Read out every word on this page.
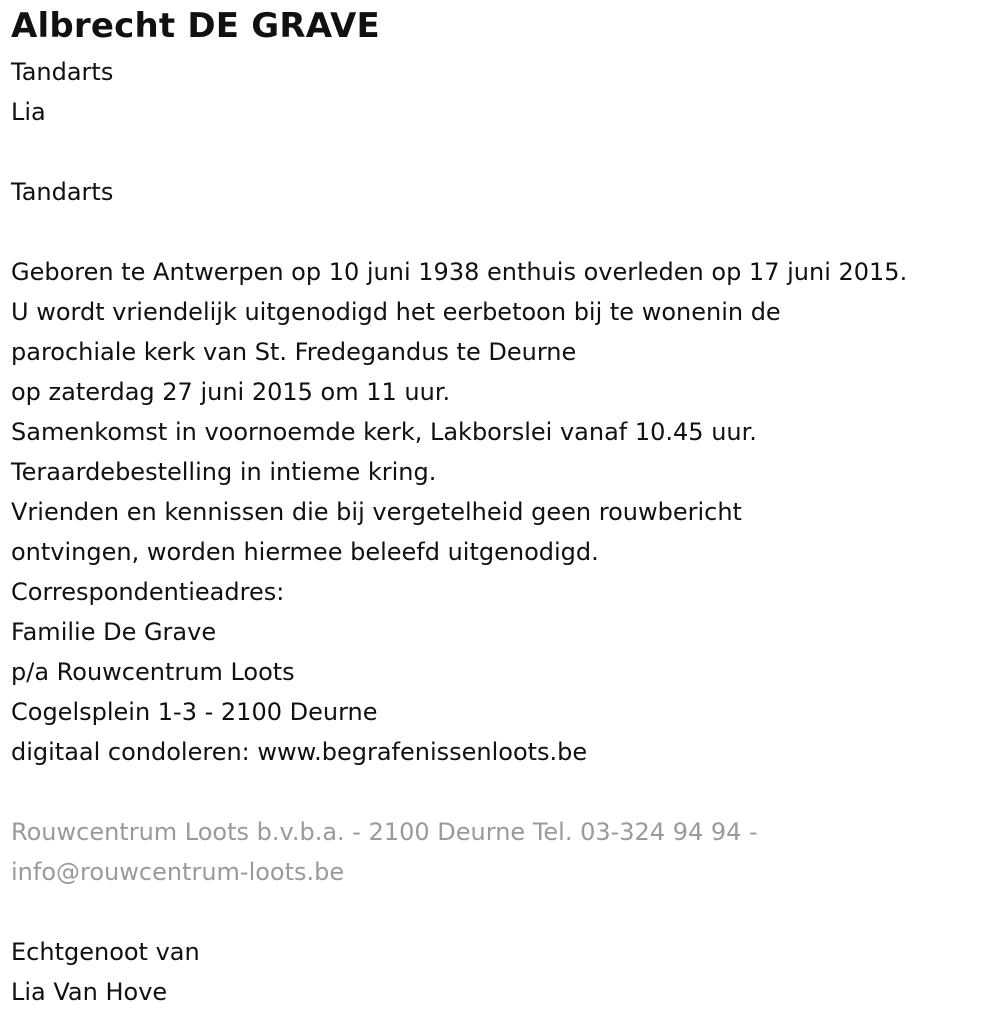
Albrecht DE GRAVE

Tandarts

Lia

Tandarts

Geboren te Antwerpen op 10 juni 1938 enthuis overleden op 17 juni 2015.

U wordt vriendelijk uitgenodigd het eerbetoon bij te wonenin de

parochiale kerk van St. Fredegandus te Deurne

op zaterdag 27 juni 2015 om 11 uur.

Samenkomst in voornoemde kerk, Lakborslei vanaf 10.45 uur.

Teraardebestelling in intieme kring.

Vrienden en kennissen die bij vergetelheid geen rouwbericht

ontvingen, worden hiermee beleefd uitgenodigd.

Correspondentieadres:

Familie De Grave

p/a Rouwcentrum Loots

Cogelsplein 1-3 - 2100 Deurne

digitaal condoleren: www.begrafenissenloots.be

Rouwcentrum Loots b.v.b.a. - 2100 Deurne Tel. 03-324 94 94 -

info@rouwcentrum-loots.be

Echtgenoot van

Lia Van Hove
